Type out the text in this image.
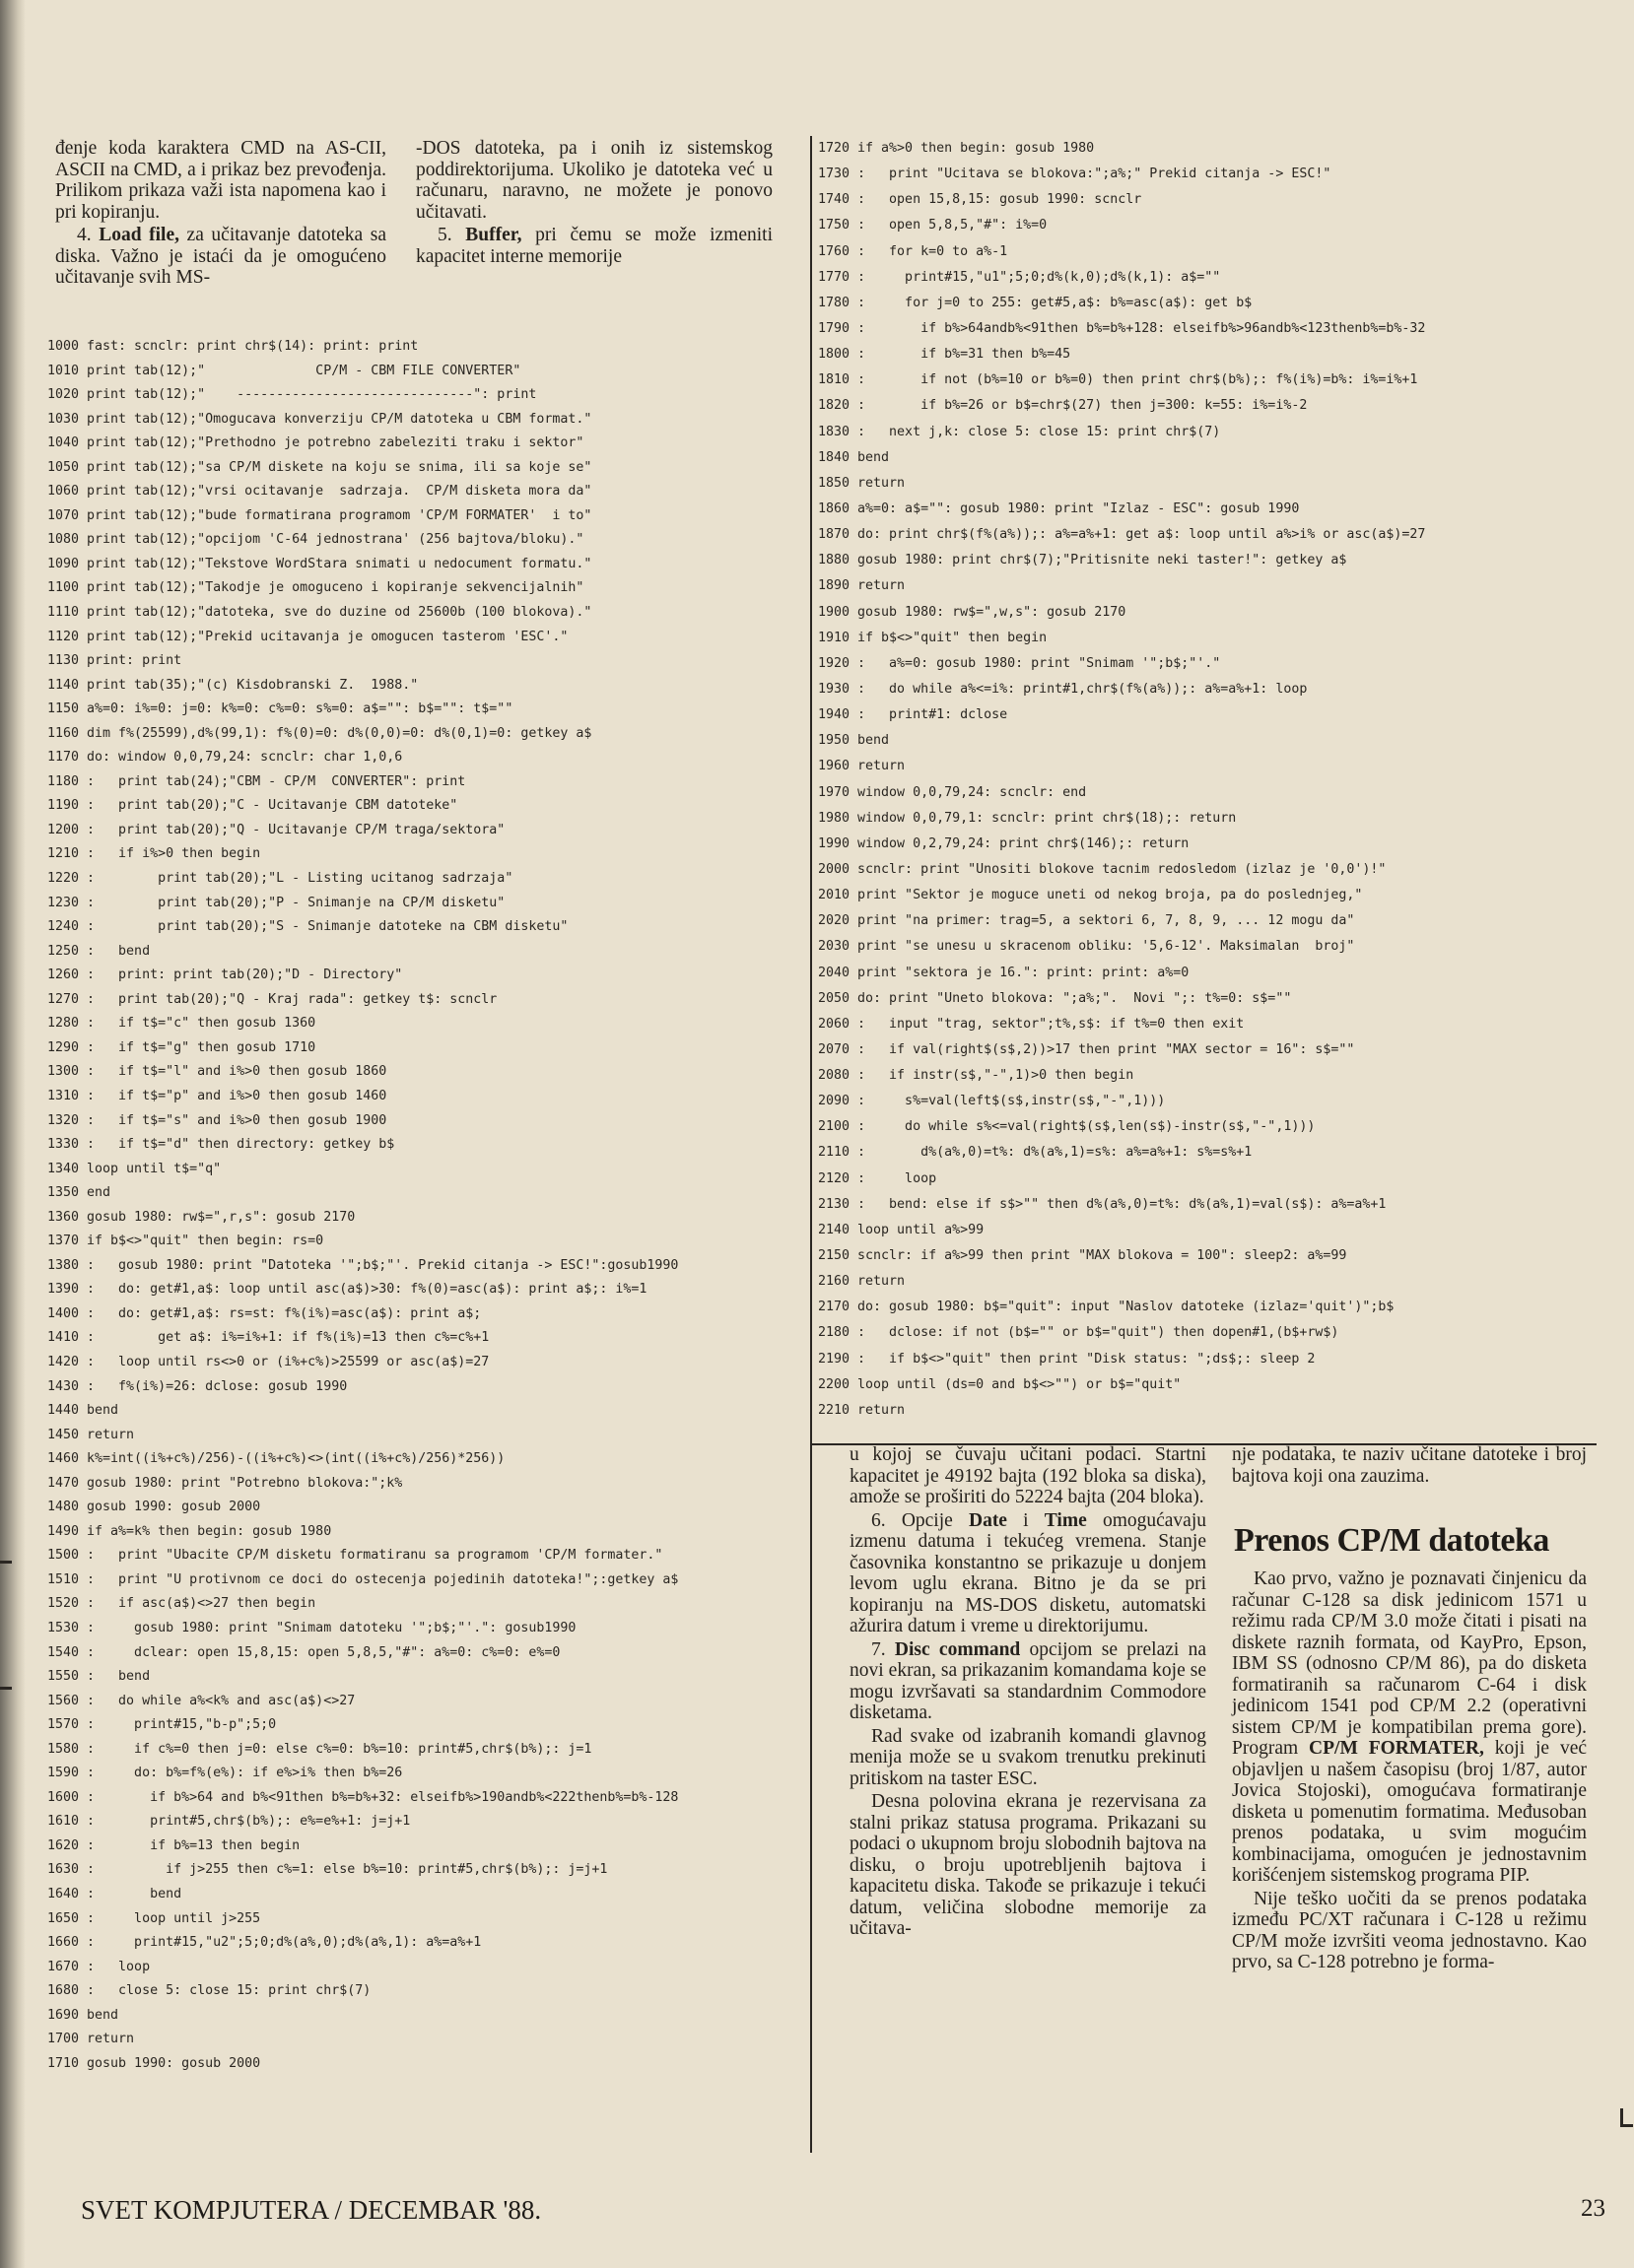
đenje koda karaktera CMD na AS-CII, ASCII na CMD, a i prikaz bez prevođenja. Prilikom prikaza važi ista napomena kao i pri kopiranju.

4. Load file, za učitavanje datoteka sa diska. Važno je istaći da je omogućeno učitavanje svih MS-

-DOS datoteka, pa i onih iz sistemskog poddirektorijuma. Ukoliko je datoteka već u računaru, naravno, ne možete je ponovo učitavati.

5. Buffer, pri čemu se može izmeniti kapacitet interne memorije

1000 fast: scnclr: print chr$(14): print: print
1010 print tab(12);"              CP/M - CBM FILE CONVERTER"
1020 print tab(12);"    ------------------------------": print
1030 print tab(12);"Omogucava konverziju CP/M datoteka u CBM format."
1040 print tab(12);"Prethodno je potrebno zabeleziti traku i sektor"
1050 print tab(12);"sa CP/M diskete na koju se snima, ili sa koje se"
1060 print tab(12);"vrsi ocitavanje  sadrzaja.  CP/M disketa mora da"
1070 print tab(12);"bude formatirana programom 'CP/M FORMATER'  i to"
1080 print tab(12);"opcijom 'C-64 jednostrana' (256 bajtova/bloku)."
1090 print tab(12);"Tekstove WordStara snimati u nedocument formatu."
1100 print tab(12);"Takodje je omoguceno i kopiranje sekvencijalnih"
1110 print tab(12);"datoteka, sve do duzine od 25600b (100 blokova)."
1120 print tab(12);"Prekid ucitavanja je omogucen tasterom 'ESC'."
1130 print: print
1140 print tab(35);"(c) Kisdobranski Z.  1988."
1150 a%=0: i%=0: j=0: k%=0: c%=0: s%=0: a$="": b$="": t$=""
1160 dim f%(25599),d%(99,1): f%(0)=0: d%(0,0)=0: d%(0,1)=0: getkey a$
1170 do: window 0,0,79,24: scnclr: char 1,0,6
1180 :   print tab(24);"CBM - CP/M  CONVERTER": print
1190 :   print tab(20);"C - Ucitavanje CBM datoteke"
1200 :   print tab(20);"Q - Ucitavanje CP/M traga/sektora"
1210 :   if i%>0 then begin
1220 :        print tab(20);"L - Listing ucitanog sadrzaja"
1230 :        print tab(20);"P - Snimanje na CP/M disketu"
1240 :        print tab(20);"S - Snimanje datoteke na CBM disketu"
1250 :   bend
1260 :   print: print tab(20);"D - Directory"
1270 :   print tab(20);"Q - Kraj rada": getkey t$: scnclr
1280 :   if t$="c" then gosub 1360
1290 :   if t$="g" then gosub 1710
1300 :   if t$="l" and i%>0 then gosub 1860
1310 :   if t$="p" and i%>0 then gosub 1460
1320 :   if t$="s" and i%>0 then gosub 1900
1330 :   if t$="d" then directory: getkey b$
1340 loop until t$="q"
1350 end
1360 gosub 1980: rw$=",r,s": gosub 2170
1370 if b$<>"quit" then begin: rs=0
1380 :   gosub 1980: print "Datoteka '";b$;"'. Prekid citanja -> ESC!":gosub1990
1390 :   do: get#1,a$: loop until asc(a$)>30: f%(0)=asc(a$): print a$;: i%=1
1400 :   do: get#1,a$: rs=st: f%(i%)=asc(a$): print a$;
1410 :        get a$: i%=i%+1: if f%(i%)=13 then c%=c%+1
1420 :   loop until rs<>0 or (i%+c%)>25599 or asc(a$)=27
1430 :   f%(i%)=26: dclose: gosub 1990
1440 bend
1450 return
1460 k%=int((i%+c%)/256)-((i%+c%)<>(int((i%+c%)/256)*256))
1470 gosub 1980: print "Potrebno blokova:";k%
1480 gosub 1990: gosub 2000
1490 if a%=k% then begin: gosub 1980
1500 :   print "Ubacite CP/M disketu formatiranu sa programom 'CP/M formater."
1510 :   print "U protivnom ce doci do ostecenja pojedinih datoteka!";:getkey a$
1520 :   if asc(a$)<>27 then begin
1530 :     gosub 1980: print "Snimam datoteku '";b$;"'.": gosub1990
1540 :     dclear: open 15,8,15: open 5,8,5,"#": a%=0: c%=0: e%=0
1550 :   bend
1560 :   do while a%<k% and asc(a$)<>27
1570 :     print#15,"b-p";5;0
1580 :     if c%=0 then j=0: else c%=0: b%=10: print#5,chr$(b%);: j=1
1590 :     do: b%=f%(e%): if e%>i% then b%=26
1600 :       if b%>64 and b%<91then b%=b%+32: elseifb%>190andb%<222thenb%=b%-128
1610 :       print#5,chr$(b%);: e%=e%+1: j=j+1
1620 :       if b%=13 then begin
1630 :         if j>255 then c%=1: else b%=10: print#5,chr$(b%);: j=j+1
1640 :       bend
1650 :     loop until j>255
1660 :     print#15,"u2";5;0;d%(a%,0);d%(a%,1): a%=a%+1
1670 :   loop
1680 :   close 5: close 15: print chr$(7)
1690 bend
1700 return
1710 gosub 1990: gosub 2000
1720 if a%>0 then begin: gosub 1980
1730 :   print "Ucitava se blokova:";a%;" Prekid citanja -> ESC!"
1740 :   open 15,8,15: gosub 1990: scnclr
1750 :   open 5,8,5,"#": i%=0
1760 :   for k=0 to a%-1
1770 :     print#15,"u1";5;0;d%(k,0);d%(k,1): a$=""
1780 :     for j=0 to 255: get#5,a$: b%=asc(a$): get b$
1790 :       if b%>64andb%<91then b%=b%+128: elseifb%>96andb%<123thenb%=b%-32
1800 :       if b%=31 then b%=45
1810 :       if not (b%=10 or b%=0) then print chr$(b%);: f%(i%)=b%: i%=i%+1
1820 :       if b%=26 or b$=chr$(27) then j=300: k=55: i%=i%-2
1830 :   next j,k: close 5: close 15: print chr$(7)
1840 bend
1850 return
1860 a%=0: a$="": gosub 1980: print "Izlaz - ESC": gosub 1990
1870 do: print chr$(f%(a%));: a%=a%+1: get a$: loop until a%>i% or asc(a$)=27
1880 gosub 1980: print chr$(7);"Pritisnite neki taster!": getkey a$
1890 return
1900 gosub 1980: rw$=",w,s": gosub 2170
1910 if b$<>"quit" then begin
1920 :   a%=0: gosub 1980: print "Snimam '";b$;"'."
1930 :   do while a%<=i%: print#1,chr$(f%(a%));: a%=a%+1: loop
1940 :   print#1: dclose
1950 bend
1960 return
1970 window 0,0,79,24: scnclr: end
1980 window 0,0,79,1: scnclr: print chr$(18);: return
1990 window 0,2,79,24: print chr$(146);: return
2000 scnclr: print "Unositi blokove tacnim redosledom (izlaz je '0,0')!"
2010 print "Sektor je moguce uneti od nekog broja, pa do poslednjeg,"
2020 print "na primer: trag=5, a sektori 6, 7, 8, 9, ... 12 mogu da"
2030 print "se unesu u skracenom obliku: '5,6-12'. Maksimalan  broj"
2040 print "sektora je 16.": print: print: a%=0
2050 do: print "Uneto blokova: ";a%;".  Novi ";: t%=0: s$=""
2060 :   input "trag, sektor";t%,s$: if t%=0 then exit
2070 :   if val(right$(s$,2))>17 then print "MAX sector = 16": s$=""
2080 :   if instr(s$,"-",1)>0 then begin
2090 :     s%=val(left$(s$,instr(s$,"-",1)))
2100 :     do while s%<=val(right$(s$,len(s$)-instr(s$,"-",1)))
2110 :       d%(a%,0)=t%: d%(a%,1)=s%: a%=a%+1: s%=s%+1
2120 :     loop
2130 :   bend: else if s$>"" then d%(a%,0)=t%: d%(a%,1)=val(s$): a%=a%+1
2140 loop until a%>99
2150 scnclr: if a%>99 then print "MAX blokova = 100": sleep2: a%=99
2160 return
2170 do: gosub 1980: b$="quit": input "Naslov datoteke (izlaz='quit')";b$
2180 :   dclose: if not (b$="" or b$="quit") then dopen#1,(b$+rw$)
2190 :   if b$<>"quit" then print "Disk status: ";ds$;: sleep 2
2200 loop until (ds=0 and b$<>"") or b$="quit"
2210 return

u kojoj se čuvaju učitani podaci. Startni kapacitet je 49192 bajta (192 bloka sa diska), amože se proširiti do 52224 bajta (204 bloka).

6. Opcije Date i Time omogućavaju izmenu datuma i tekućeg vremena. Stanje časovnika konstantno se prikazuje u donjem levom uglu ekrana. Bitno je da se pri kopiranju na MS-DOS disketu, automatski ažurira datum i vreme u direktorijumu.

7. Disc command opcijom se prelazi na novi ekran, sa prikazanim komandama koje se mogu izvršavati sa standardnim Commodore disketama.

Rad svake od izabranih komandi glavnog menija može se u svakom trenutku prekinuti pritiskom na taster ESC.

Desna polovina ekrana je rezervisana za stalni prikaz statusa programa. Prikazani su podaci o ukupnom broju slobodnih bajtova na disku, o broju upotrebljenih bajtova i kapacitetu diska. Takođe se prikazuje i tekući datum, veličina slobodne memorije za učitava-

nje podataka, te naziv učitane datoteke i broj bajtova koji ona zauzima.

Prenos CP/M datoteka

Kao prvo, važno je poznavati činjenicu da računar C-128 sa disk jedinicom 1571 u režimu rada CP/M 3.0 može čitati i pisati na diskete raznih formata, od KayPro, Epson, IBM SS (odnosno CP/M 86), pa do disketa formatiranih sa računarom C-64 i disk jedinicom 1541 pod CP/M 2.2 (operativni sistem CP/M je kompatibilan prema gore). Program CP/M FORMATER, koji je već objavljen u našem časopisu (broj 1/87, autor Jovica Stojoski), omogućava formatiranje disketa u pomenutim formatima. Međusoban prenos podataka, u svim mogućim kombinacijama, omogućen je jednostavnim korišćenjem sistemskog programa PIP.

Nije teško uočiti da se prenos podataka između PC/XT računara i C-128 u režimu CP/M može izvršiti veoma jednostavno. Kao prvo, sa C-128 potrebno je forma-

SVET KOMPJUTERA / DECEMBAR '88.	23
